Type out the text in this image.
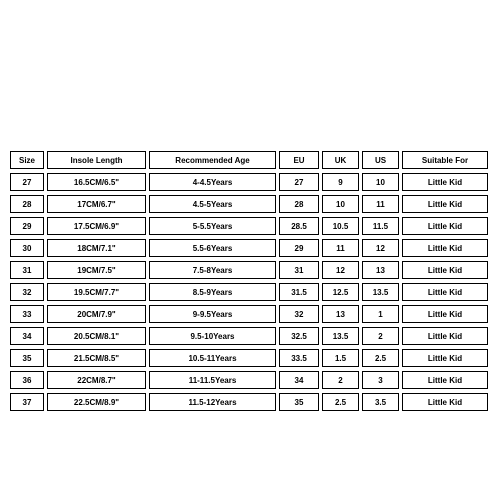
Size	Insole Length	Recommended Age	EU	UK	US	Suitable For
27	16.5CM/6.5"	4-4.5Years	27	9	10	Little Kid
28	17CM/6.7"	4.5-5Years	28	10	11	Little Kid
29	17.5CM/6.9"	5-5.5Years	28.5	10.5	11.5	Little Kid
30	18CM/7.1"	5.5-6Years	29	11	12	Little Kid
31	19CM/7.5"	7.5-8Years	31	12	13	Little Kid
32	19.5CM/7.7"	8.5-9Years	31.5	12.5	13.5	Little Kid
33	20CM/7.9"	9-9.5Years	32	13	1	Little Kid
34	20.5CM/8.1"	9.5-10Years	32.5	13.5	2	Little Kid
35	21.5CM/8.5"	10.5-11Years	33.5	1.5	2.5	Little Kid
36	22CM/8.7"	11-11.5Years	34	2	3	Little Kid
37	22.5CM/8.9"	11.5-12Years	35	2.5	3.5	Little Kid
